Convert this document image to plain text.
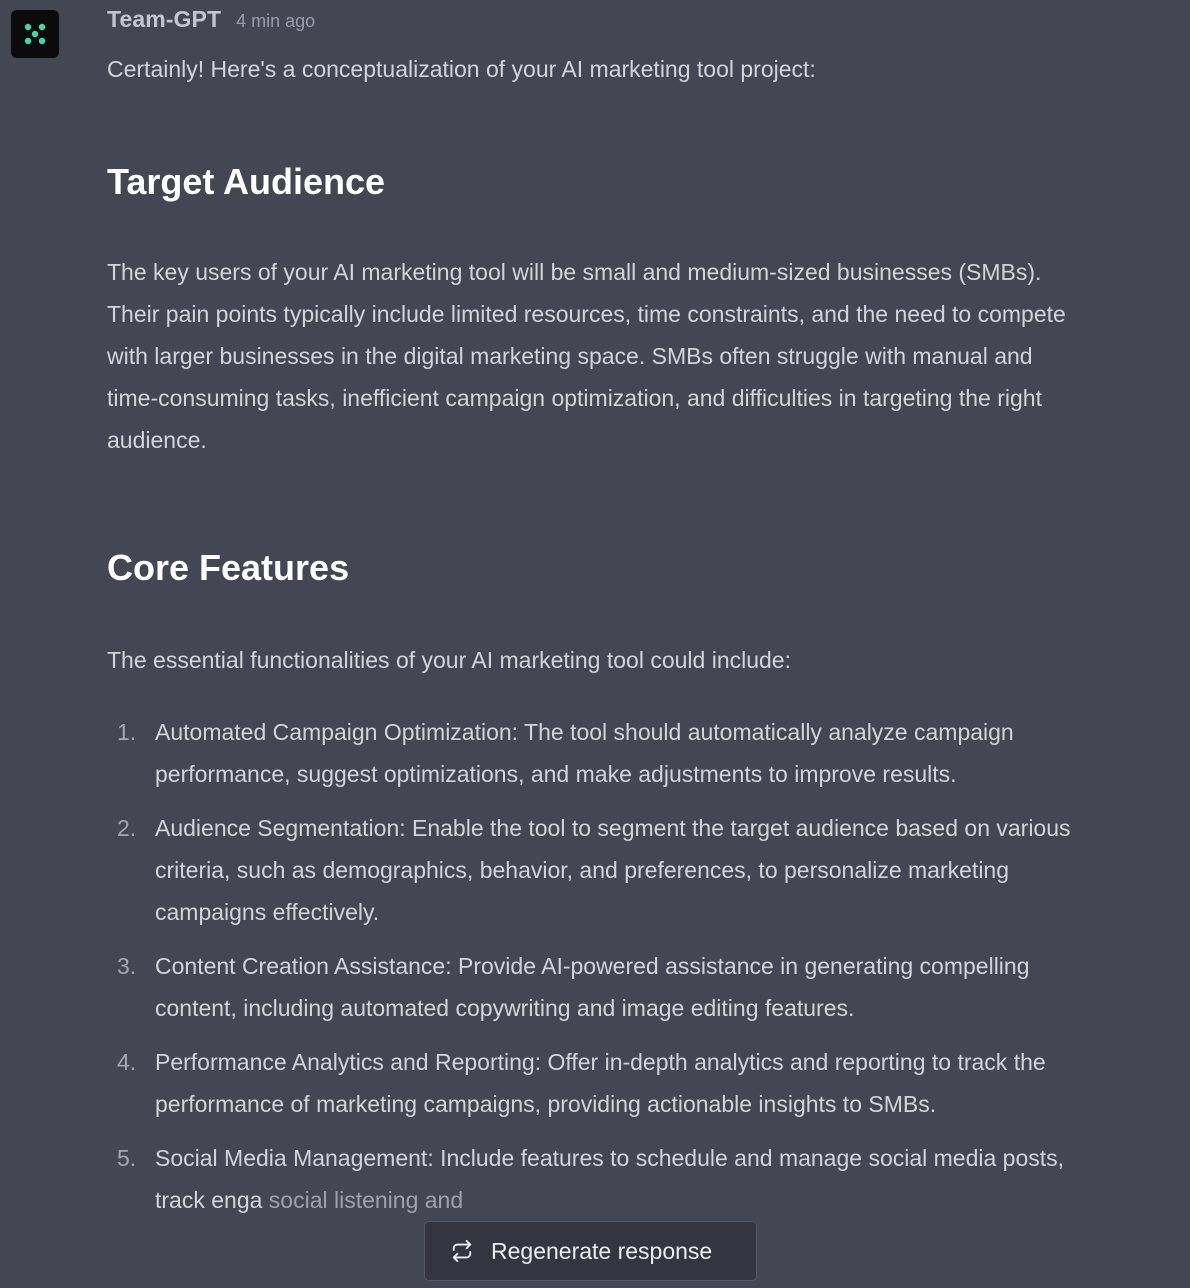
Team-GPT 4 min ago

Certainly! Here's a conceptualization of your AI marketing tool project:

Target Audience

The key users of your AI marketing tool will be small and medium-sized businesses (SMBs). Their pain points typically include limited resources, time constraints, and the need to compete with larger businesses in the digital marketing space. SMBs often struggle with manual and time-consuming tasks, inefficient campaign optimization, and difficulties in targeting the right audience.

Core Features

The essential functionalities of your AI marketing tool could include:

1. Automated Campaign Optimization: The tool should automatically analyze campaign performance, suggest optimizations, and make adjustments to improve results.
2. Audience Segmentation: Enable the tool to segment the target audience based on various criteria, such as demographics, behavior, and preferences, to personalize marketing campaigns effectively.
3. Content Creation Assistance: Provide AI-powered assistance in generating compelling content, including automated copywriting and image editing features.
4. Performance Analytics and Reporting: Offer in-depth analytics and reporting to track the performance of marketing campaigns, providing actionable insights to SMBs.
5. Social Media Management: Include features to schedule and manage social media posts, track enga social listening and
Regenerate response
